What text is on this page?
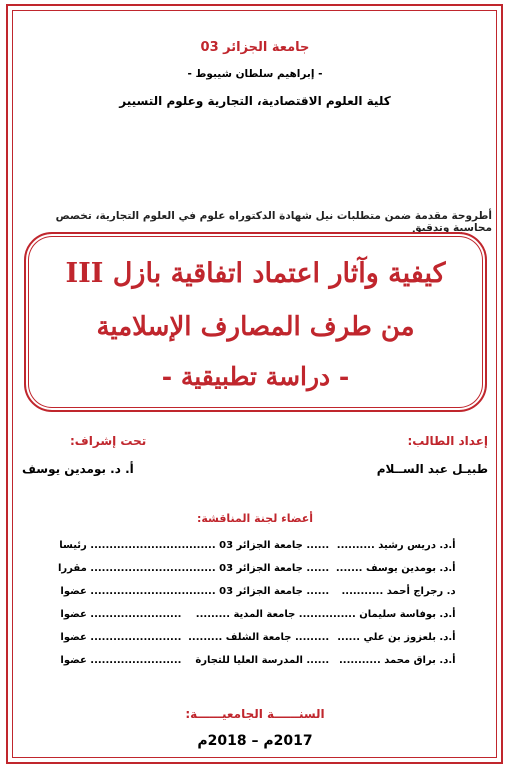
جامعة الجزائر 03
- إبراهيم سلطان شيبوط -
كلية العلوم الاقتصادية، التجارية وعلوم التسيير
أطروحة مقدمة ضمن متطلبات نيل شهادة الدكتوراه علوم في العلوم التجارية، تخصص محاسبة وتدقيق
كيفية وآثار اعتماد اتفاقية بازل III
من طرف المصارف الإسلامية
- دراسة تطبيقية -
إعداد الطالب:
طبيـل عبد الســلام
تحت إشراف:
أ. د. بومدين يوسف
أعضاء لجنة المناقشة:
أ.د. دريس رشيد ..........	...... جامعة الجزائر 03 .........	........................ رئيسا
أ.د. بومدين يوسف .......	...... جامعة الجزائر 03 .........	........................ مقررا
د. رجراج أحمد ...........	...... جامعة الجزائر 03 .........	........................ عضوا
أ.د. بوفاسة سليمان .......	........ جامعة المدية .........	........................ عضوا
أ.د. بلعزوز بن علي ......	......... جامعة الشلف .........	........................ عضوا
أ.د. براق محمد ...........	...... المدرسة العليا للتجارة	........................ عضوا
السنــــــة الجامعيــــــة:
2017م – 2018م
